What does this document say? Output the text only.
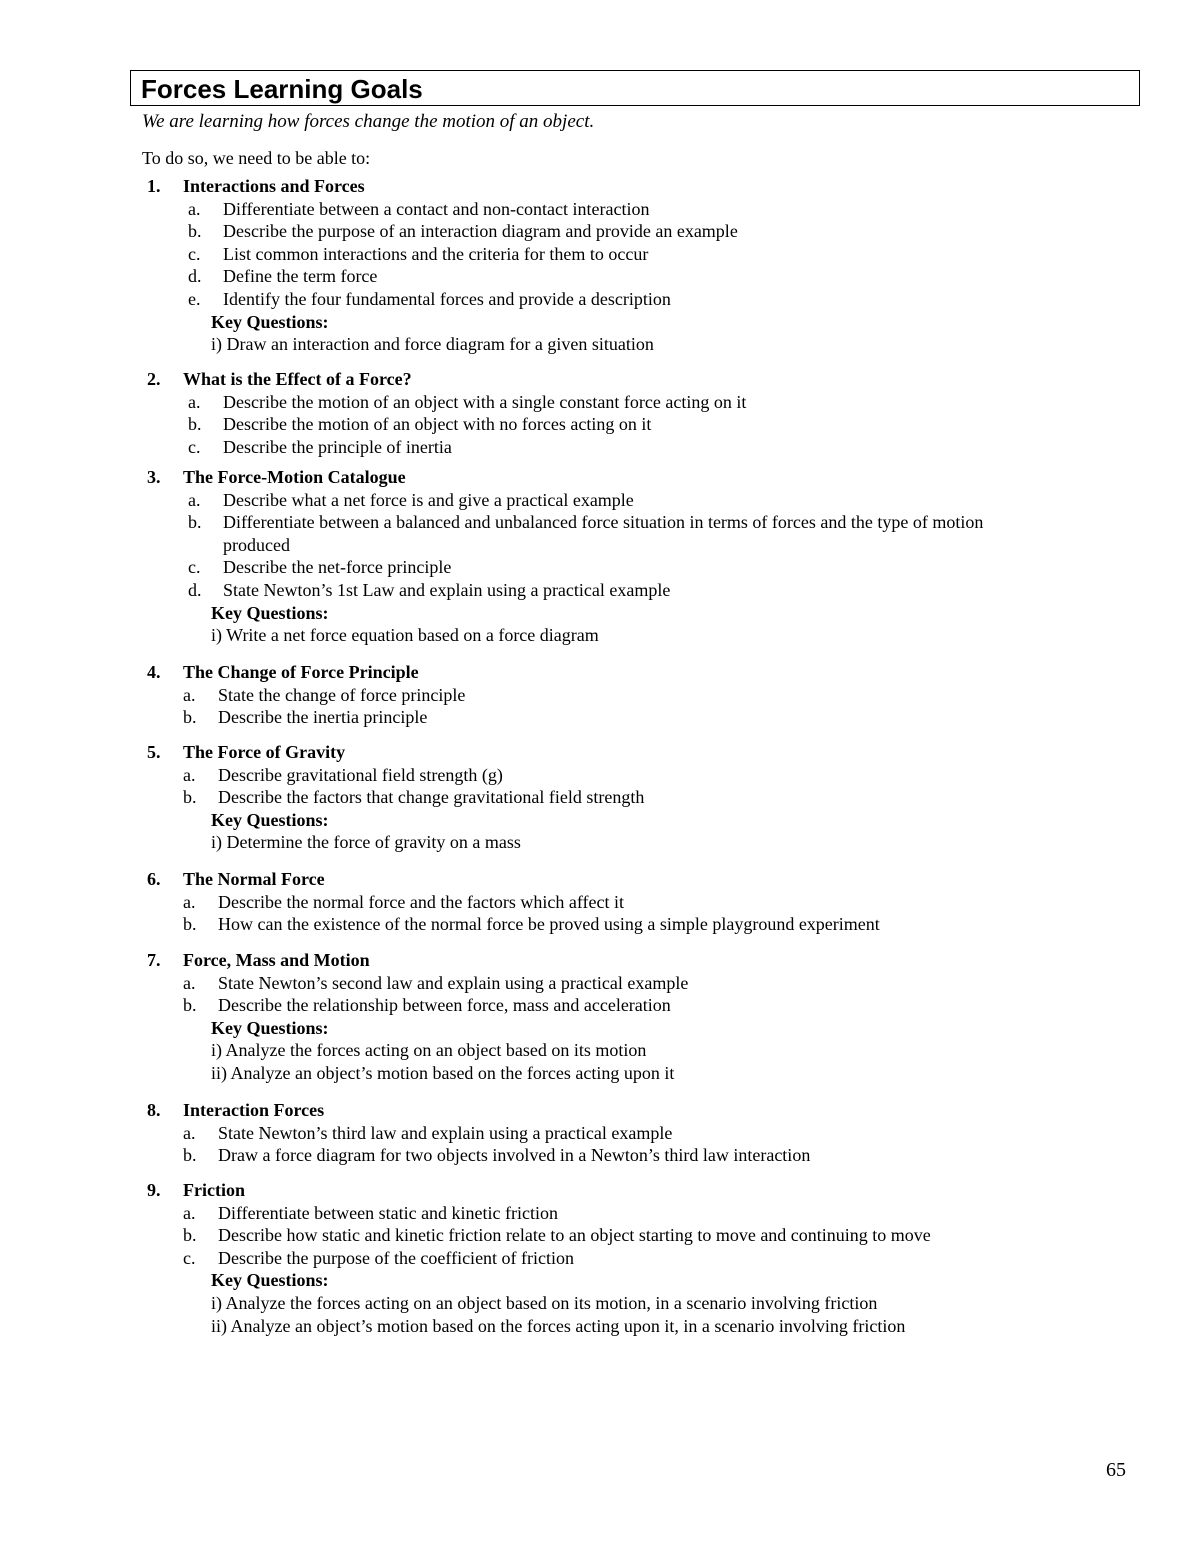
Forces Learning Goals
We are learning how forces change the motion of an object.
To do so, we need to be able to:
1. Interactions and Forces
a. Differentiate between a contact and non-contact interaction
b. Describe the purpose of an interaction diagram and provide an example
c. List common interactions and the criteria for them to occur
d. Define the term force
e. Identify the four fundamental forces and provide a description
Key Questions:
i) Draw an interaction and force diagram for a given situation
2. What is the Effect of a Force?
a. Describe the motion of an object with a single constant force acting on it
b. Describe the motion of an object with no forces acting on it
c. Describe the principle of inertia
3. The Force-Motion Catalogue
a. Describe what a net force is and give a practical example
b. Differentiate between a balanced and unbalanced force situation in terms of forces and the type of motion
produced
c. Describe the net-force principle
d. State Newton’s 1st Law and explain using a practical example
Key Questions:
i) Write a net force equation based on a force diagram
4. The Change of Force Principle
a. State the change of force principle
b. Describe the inertia principle
5. The Force of Gravity
a. Describe gravitational field strength (g)
b. Describe the factors that change gravitational field strength
Key Questions:
i) Determine the force of gravity on a mass
6. The Normal Force
a. Describe the normal force and the factors which affect it
b. How can the existence of the normal force be proved using a simple playground experiment
7. Force, Mass and Motion
a. State Newton’s second law and explain using a practical example
b. Describe the relationship between force, mass and acceleration
Key Questions:
i) Analyze the forces acting on an object based on its motion
ii) Analyze an object’s motion based on the forces acting upon it
8. Interaction Forces
a. State Newton’s third law and explain using a practical example
b. Draw a force diagram for two objects involved in a Newton’s third law interaction
9. Friction
a. Differentiate between static and kinetic friction
b. Describe how static and kinetic friction relate to an object starting to move and continuing to move
c. Describe the purpose of the coefficient of friction
Key Questions:
i) Analyze the forces acting on an object based on its motion, in a scenario involving friction
ii) Analyze an object’s motion based on the forces acting upon it, in a scenario involving friction
65
